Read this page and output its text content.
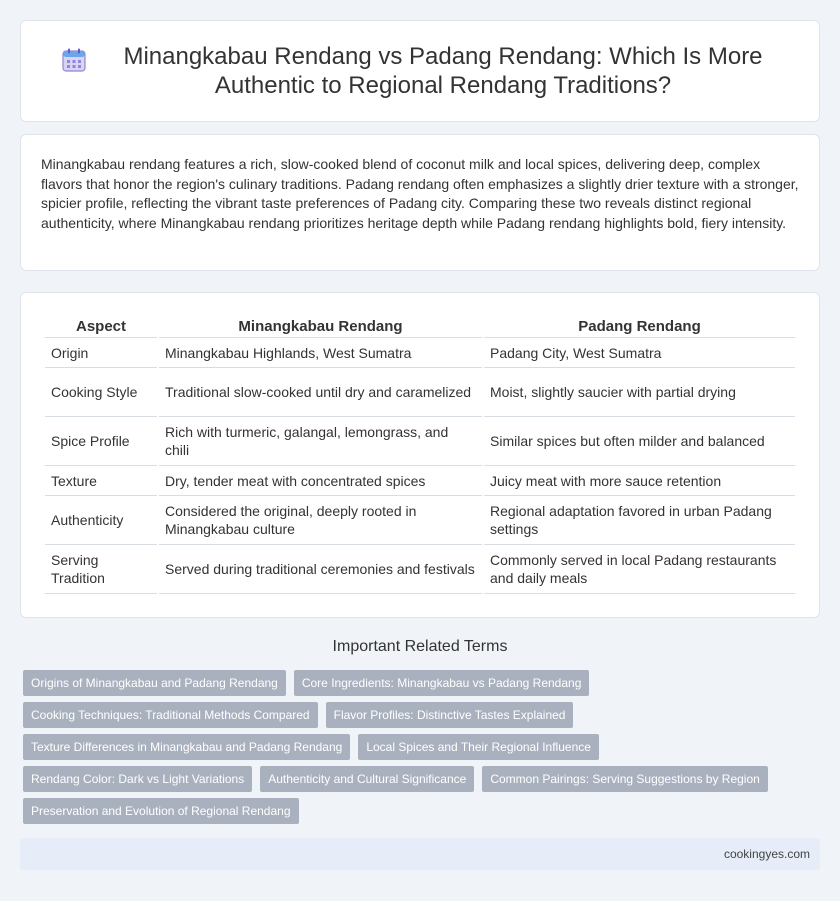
Minangkabau Rendang vs Padang Rendang: Which Is More Authentic to Regional Rendang Traditions?

Minangkabau rendang features a rich, slow-cooked blend of coconut milk and local spices, delivering deep, complex flavors that honor the region's culinary traditions. Padang rendang often emphasizes a slightly drier texture with a stronger, spicier profile, reflecting the vibrant taste preferences of Padang city. Comparing these two reveals distinct regional authenticity, where Minangkabau rendang prioritizes heritage depth while Padang rendang highlights bold, fiery intensity.

Aspect	Minangkabau Rendang	Padang Rendang
Origin	Minangkabau Highlands, West Sumatra	Padang City, West Sumatra
Cooking Style	Traditional slow-cooked until dry and caramelized	Moist, slightly saucier with partial drying
Spice Profile	Rich with turmeric, galangal, lemongrass, and chili	Similar spices but often milder and balanced
Texture	Dry, tender meat with concentrated spices	Juicy meat with more sauce retention
Authenticity	Considered the original, deeply rooted in Minangkabau culture	Regional adaptation favored in urban Padang settings
Serving Tradition	Served during traditional ceremonies and festivals	Commonly served in local Padang restaurants and daily meals
Important Related Terms
Origins of Minangkabau and Padang Rendang	Core Ingredients: Minangkabau vs Padang Rendang
Cooking Techniques: Traditional Methods Compared	Flavor Profiles: Distinctive Tastes Explained
Texture Differences in Minangkabau and Padang Rendang	Local Spices and Their Regional Influence
Rendang Color: Dark vs Light Variations	Authenticity and Cultural Significance	Common Pairings: Serving Suggestions by Region
Preservation and Evolution of Regional Rendang
cookingyes.com
